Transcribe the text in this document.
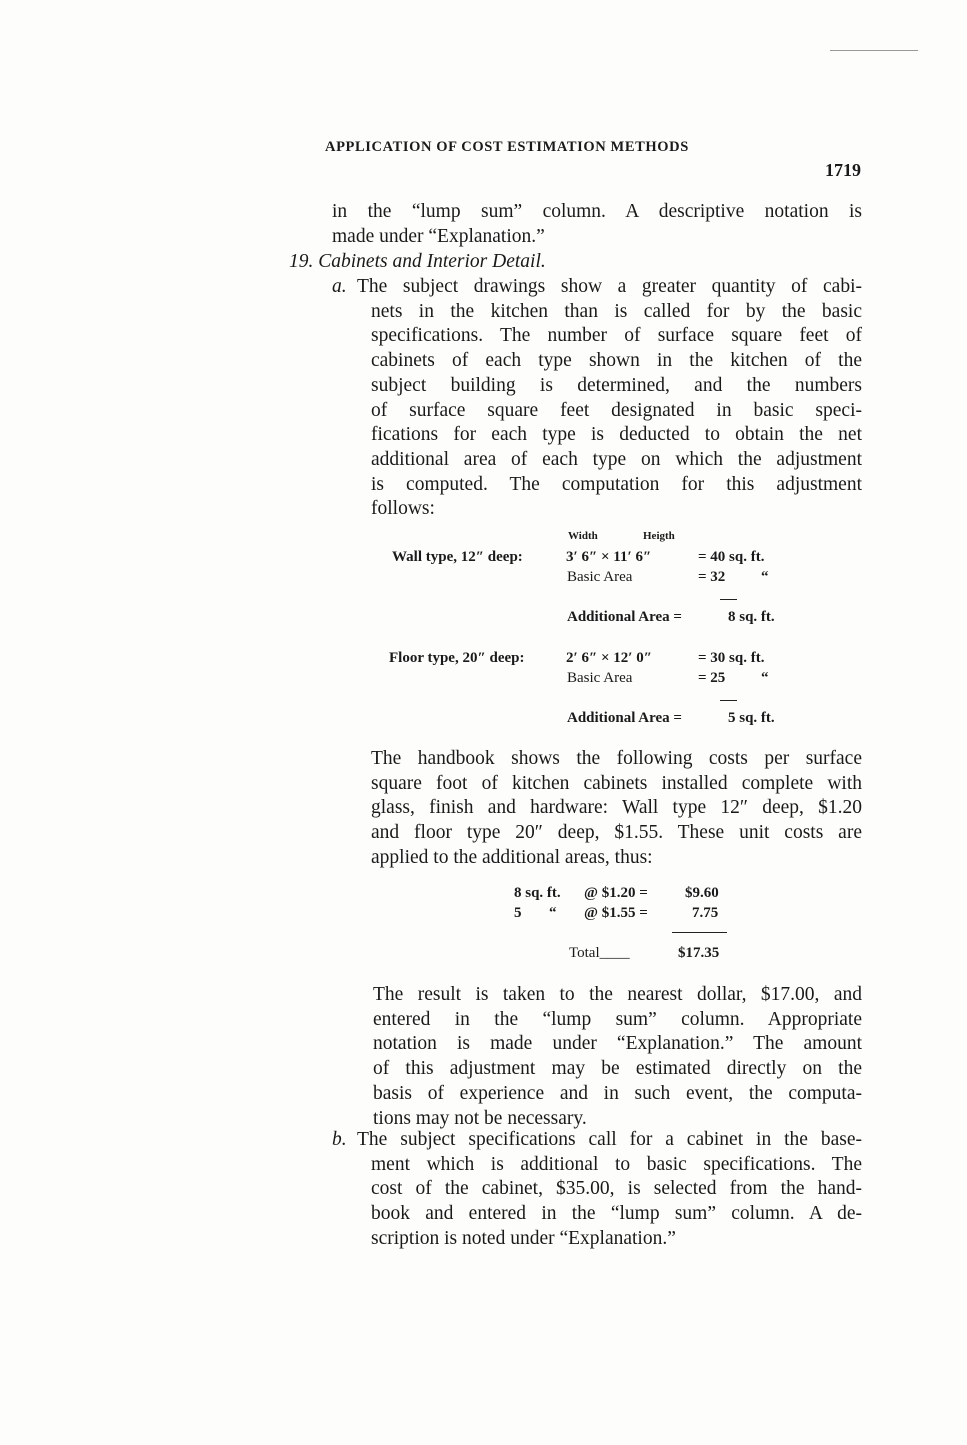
APPLICATION OF COST ESTIMATION METHODS
1719
in the “lump sum” column. A descriptive notation is
made under “Explanation.”
19. Cabinets and Interior Detail.
a. The subject drawings show a greater quantity of cabi-
nets in the kitchen than is called for by the basic
specifications. The number of surface square feet of
cabinets of each type shown in the kitchen of the
subject building is determined, and the numbers
of surface square feet designated in basic speci-
fications for each type is deducted to obtain the net
additional area of each type on which the adjustment
is computed. The computation for this adjustment
follows:
Width	Heigth
Wall type, 12″ deep:	3′ 6″ × 11′ 6″	= 40 sq. ft.
Basic Area	= 32 “
Additional Area =	8 sq. ft.
Floor type, 20″ deep:	2′ 6″ × 12′ 0″	= 30 sq. ft.
Basic Area	= 25 “
Additional Area =	5 sq. ft.
The handbook shows the following costs per surface
square foot of kitchen cabinets installed complete with
glass, finish and hardware: Wall type 12″ deep, $1.20
and floor type 20″ deep, $1.55. These unit costs are
applied to the additional areas, thus:
8 sq. ft. @ $1.20 = $9.60
5 “ @ $1.55 =	7.75
Total____	$17.35
The result is taken to the nearest dollar, $17.00, and
entered in the “lump sum” column. Appropriate
notation is made under “Explanation.” The amount
of this adjustment may be estimated directly on the
basis of experience and in such event, the computa-
tions may not be necessary.
b. The subject specifications call for a cabinet in the base-
ment which is additional to basic specifications. The
cost of the cabinet, $35.00, is selected from the hand-
book and entered in the “lump sum” column. A de-
scription is noted under “Explanation.”
